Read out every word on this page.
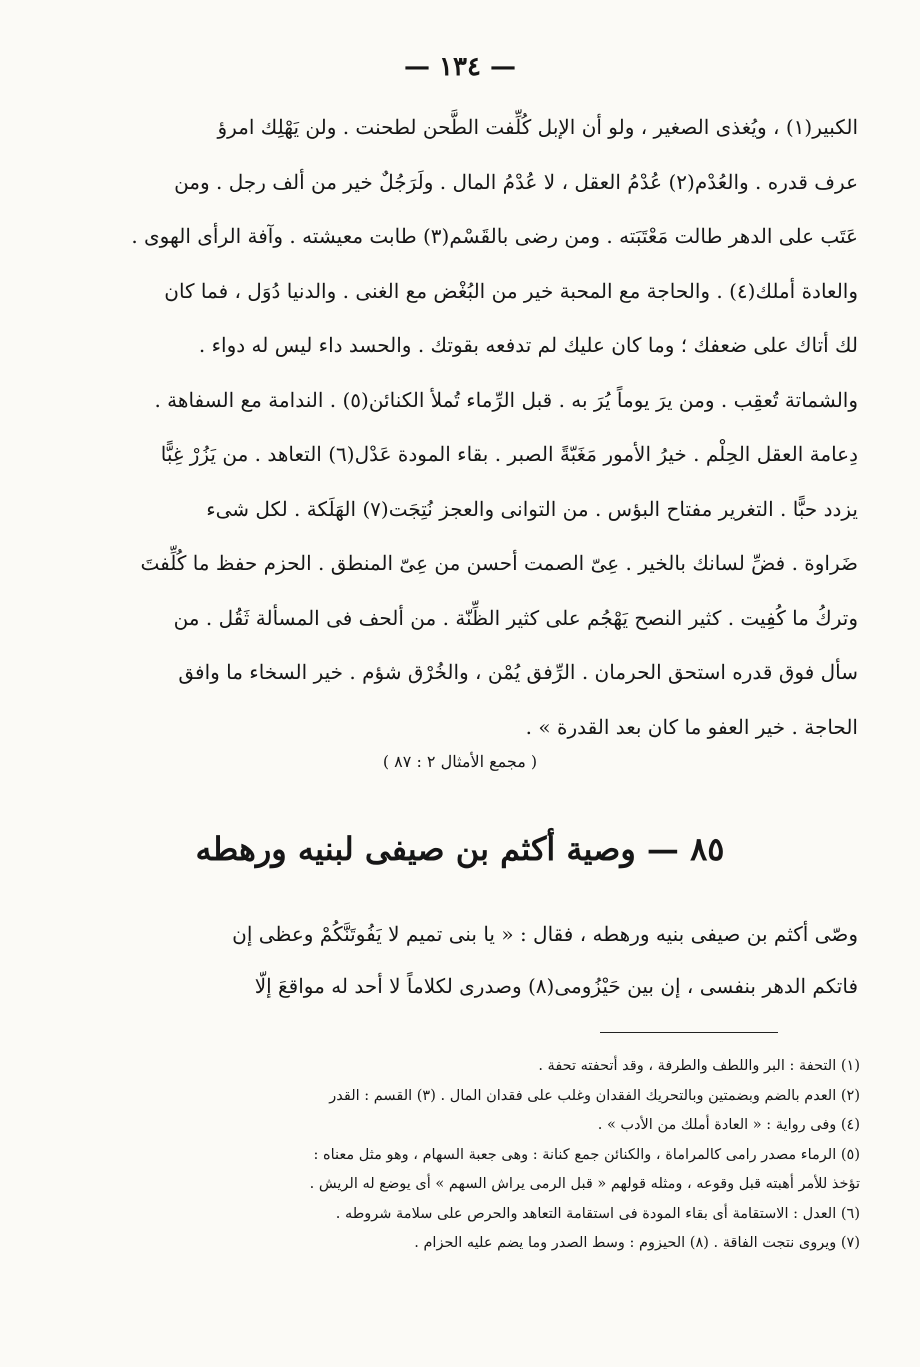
— ١٣٤ —
الكبير(١) ، ويُغذى الصغير ، ولو أن الإبل كُلِّفت الطَّحن لطحنت . ولن يَهْلِك امرؤ
عرف قدره . والعُدْم(٢) عُدْمُ العقل ، لا عُدْمُ المال . ولَرَجُلٌ خير من ألف رجل . ومن
عَتَب على الدهر طالت مَعْتَبَته . ومن رضى بالقَسْم(٣) طابت معيشته . وآفة الرأى الهوى .
والعادة أملك(٤) . والحاجة مع المحبة خير من البُغْض مع الغنى . والدنيا دُوَل ، فما كان
لك أتاك على ضعفك ؛ وما كان عليك لم تدفعه بقوتك . والحسد داء ليس له دواء .
والشماتة تُعقِب . ومن يرَ يوماً يُرَ به . قبل الرِّماء تُملأ الكنائن(٥) . الندامة مع السفاهة .
دِعامة العقل الحِلْم . خيرُ الأمور مَغَبّةً الصبر . بقاء المودة عَدْل(٦) التعاهد . من يَزُرْ غِبًّا
يزدد حبًّا . التغرير مفتاح البؤس . من التوانى والعجز نُتِجَت(٧) الهَلَكة . لكل شىء
ضَراوة . فضِّ لسانك بالخير . عِىّ الصمت أحسن من عِىّ المنطق . الحزم حفظ ما كُلِّفتَ
وتركُ ما كُفِيت . كثير النصح يَهْجُم على كثير الظِّنّة . من ألحف فى المسألة ثَقُل . من
سأل فوق قدره استحق الحرمان . الرِّفق يُمْن ، والخُرْق شؤم . خير السخاء ما وافق
الحاجة . خير العفو ما كان بعد القدرة » .
( مجمع الأمثال ٢ : ٨٧ )
٨٥ — وصية أكثم بن صيفى لبنيه ورهطه
وصّى أكثم بن صيفى بنيه ورهطه ، فقال : « يا بنى تميم لا يَفُوتَنَّكُمْ وعظى إن
فاتكم الدهر بنفسى ، إن بين حَيْزُومى(٨) وصدرى لكلاماً لا أحد له مواقعَ إلّا
(١) التحفة : البر واللطف والطرفة ، وقد أتحفته تحفة .
(٢) العدم بالضم وبضمتين وبالتحريك الفقدان وغلب على فقدان المال . (٣) القسم : القدر
(٤) وفى رواية : « العادة أملك من الأدب » .
(٥) الرماء مصدر رامى كالمراماة ، والكنائن جمع كنانة : وهى جعبة السهام ، وهو مثل معناه :
تؤخذ للأمر أهبته قبل وقوعه ، ومثله قولهم « قبل الرمى يراش السهم » أى يوضع له الريش .
(٦) العدل : الاستقامة أى بقاء المودة فى استقامة التعاهد والحرص على سلامة شروطه .
(٧) ويروى نتجت الفاقة . (٨) الحيزوم : وسط الصدر وما يضم عليه الحزام .
